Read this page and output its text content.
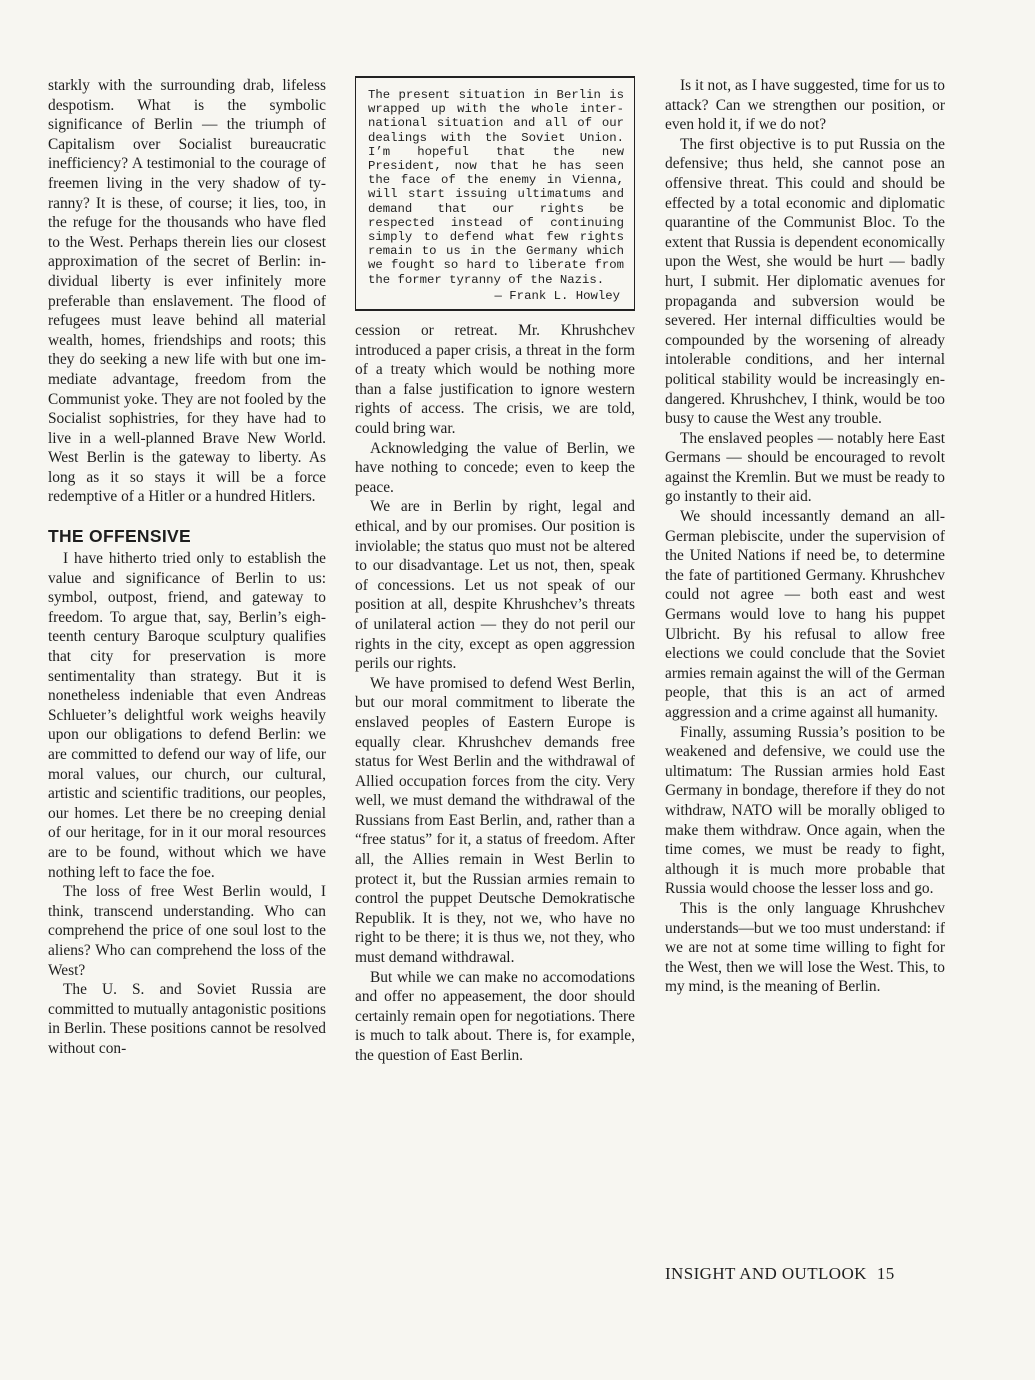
starkly with the surrounding drab, lifeless despotism. What is the symbolic significance of Berlin — the triumph of Capitalism over Socialist bureaucratic inefficiency? A testimonial to the courage of freemen living in the very shadow of tyranny? It is these, of course; it lies, too, in the refuge for the thousands who have fled to the West. Perhaps therein lies our closest approximation of the secret of Berlin: individual liberty is ever infinitely more preferable than enslavement. The flood of refugees must leave behind all material wealth, homes, friendships and roots; this they do seeking a new life with but one immediate advantage, freedom from the Communist yoke. They are not fooled by the Socialist sophistries, for they have had to live in a well-planned Brave New World. West Berlin is the gateway to liberty. As long as it so stays it will be a force redemptive of a Hitler or a hundred Hitlers.

THE OFFENSIVE

I have hitherto tried only to establish the value and significance of Berlin to us: symbol, outpost, friend, and gateway to freedom. To argue that, say, Berlin’s eighteenth century Baroque sculptury qualifies that city for preservation is more sentimentality than strategy. But it is nonetheless indeniable that even Andreas Schlueter’s delightful work weighs heavily upon our obligations to defend Berlin: we are committed to defend our way of life, our moral values, our church, our cultural, artistic and scientific traditions, our peoples, our homes. Let there be no creeping denial of our heritage, for in it our moral resources are to be found, without which we have nothing left to face the foe.

The loss of free West Berlin would, I think, transcend understanding. Who can comprehend the price of one soul lost to the aliens? Who can comprehend the loss of the West?

The U. S. and Soviet Russia are committed to mutually antagonistic positions in Berlin. These positions cannot be resolved without con-

The present situation in Berlin is wrapped up with the whole international situation and all of our dealings with the Soviet Union. I’m hopeful that the new President, now that he has seen the face of the enemy in Vienna, will start issuing ultimatums and demand that our rights be respected instead of continuing simply to defend what few rights remain to us in the Germany which we fought so hard to liberate from the former tyranny of the Nazis.
— Frank L. Howley

cession or retreat. Mr. Khrushchev introduced a paper crisis, a threat in the form of a treaty which would be nothing more than a false justification to ignore western rights of access. The crisis, we are told, could bring war.

Acknowledging the value of Berlin, we have nothing to concede; even to keep the peace.

We are in Berlin by right, legal and ethical, and by our promises. Our position is inviolable; the status quo must not be altered to our disadvantage. Let us not, then, speak of concessions. Let us not speak of our position at all, despite Khrushchev’s threats of unilateral action — they do not peril our rights in the city, except as open aggression perils our rights.

We have promised to defend West Berlin, but our moral commitment to liberate the enslaved peoples of Eastern Europe is equally clear. Khrushchev demands free status for West Berlin and the withdrawal of Allied occupation forces from the city. Very well, we must demand the withdrawal of the Russians from East Berlin, and, rather than a “free status” for it, a status of freedom. After all, the Allies remain in West Berlin to protect it, but the Russian armies remain to control the puppet Deutsche Demokratische Republik. It is they, not we, who have no right to be there; it is thus we, not they, who must demand withdrawal.

But while we can make no accomodations and offer no appeasement, the door should certainly remain open for negotiations. There is much to talk about. There is, for example, the question of East Berlin.

Is it not, as I have suggested, time for us to attack? Can we strengthen our position, or even hold it, if we do not?

The first objective is to put Russia on the defensive; thus held, she cannot pose an offensive threat. This could and should be effected by a total economic and diplomatic quarantine of the Communist Bloc. To the extent that Russia is dependent economically upon the West, she would be hurt — badly hurt, I submit. Her diplomatic avenues for propaganda and subversion would be severed. Her internal difficulties would be compounded by the worsening of already intolerable conditions, and her internal political stability would be increasingly endangered. Khrushchev, I think, would be too busy to cause the West any trouble.

The enslaved peoples — notably here East Germans — should be encouraged to revolt against the Kremlin. But we must be ready to go instantly to their aid.

We should incessantly demand an all-German plebiscite, under the supervision of the United Nations if need be, to determine the fate of partitioned Germany. Khrushchev could not agree — both east and west Germans would love to hang his puppet Ulbricht. By his refusal to allow free elections we could conclude that the Soviet armies remain against the will of the German people, that this is an act of armed aggression and a crime against all humanity.

Finally, assuming Russia’s position to be weakened and defensive, we could use the ultimatum: The Russian armies hold East Germany in bondage, therefore if they do not withdraw, NATO will be morally obliged to make them withdraw. Once again, when the time comes, we must be ready to fight, although it is much more probable that Russia would choose the lesser loss and go.

This is the only language Khrushchev understands—but we too must understand: if we are not at some time willing to fight for the West, then we will lose the West. This, to my mind, is the meaning of Berlin.

INSIGHT AND OUTLOOK 15
